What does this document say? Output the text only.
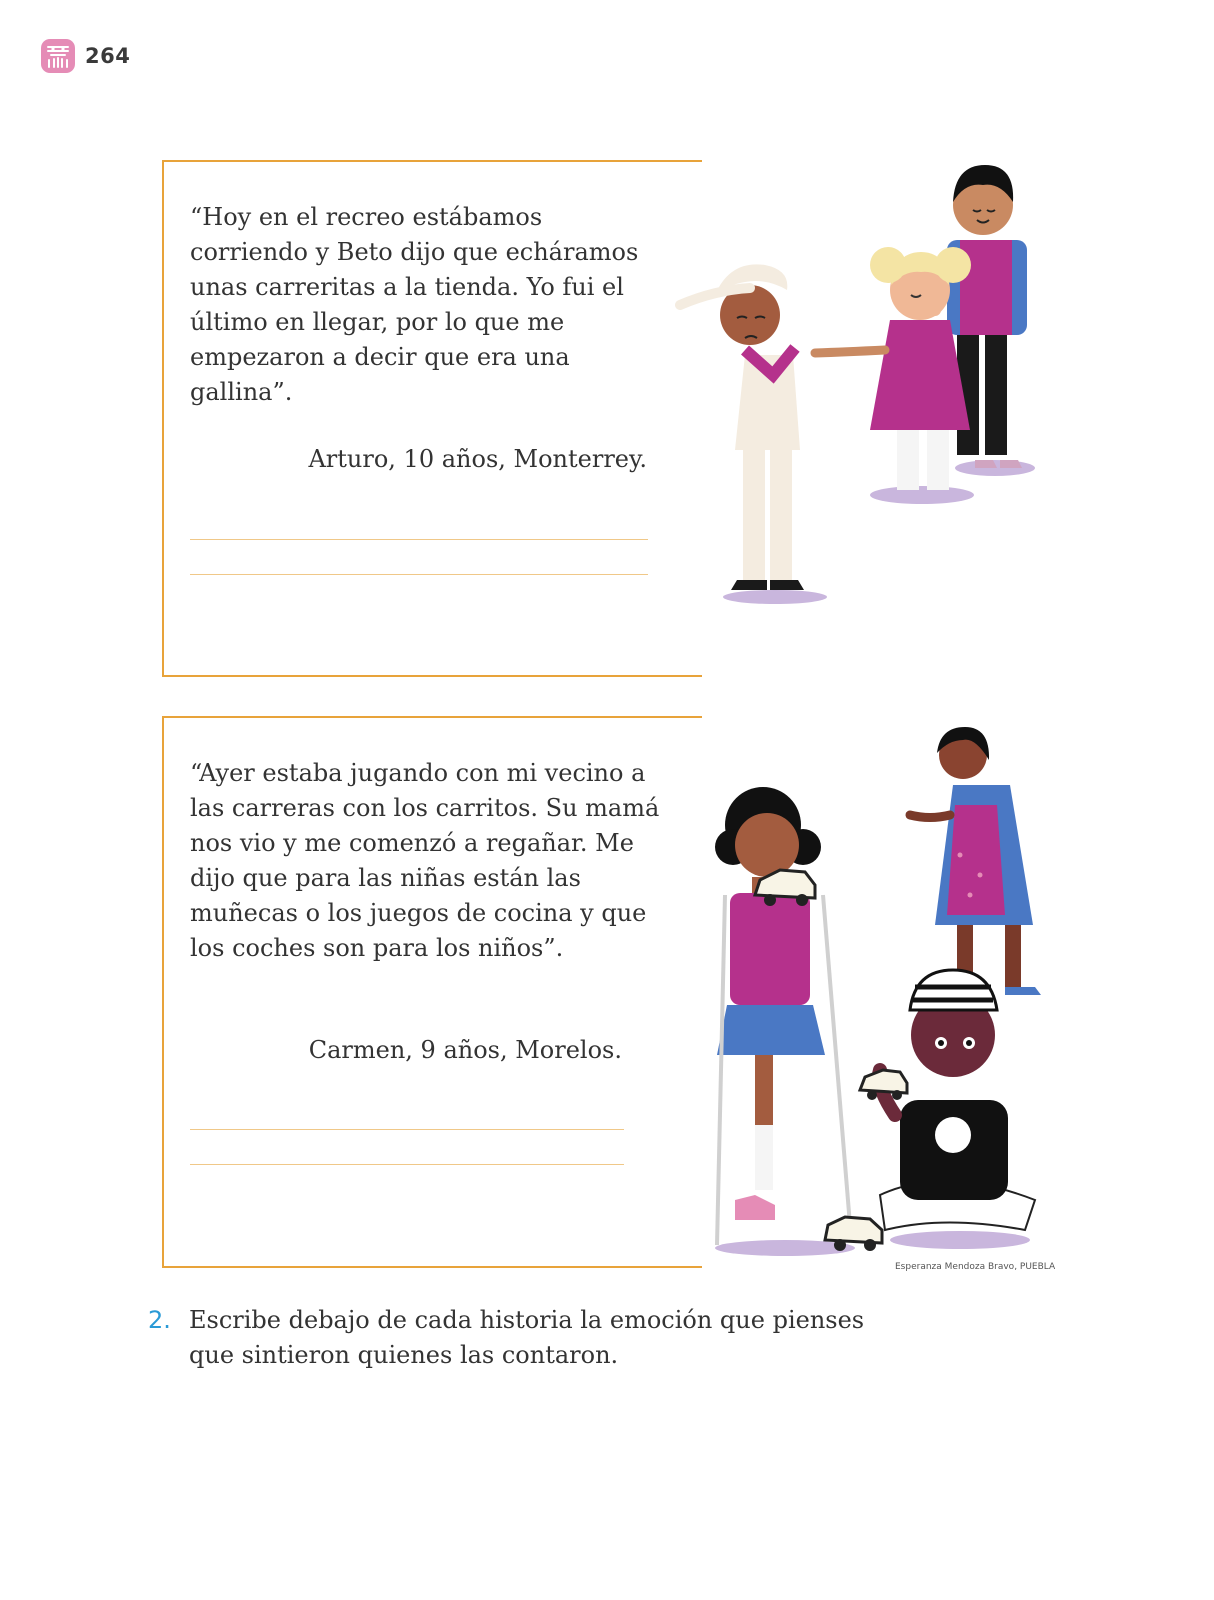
264

“Hoy en el recreo estábamos corriendo y Beto dijo que echáramos unas carreritas a la tienda. Yo fui el último en llegar, por lo que me empezaron a decir que era una gallina”.

Arturo, 10 años, Monterrey.

“Ayer estaba jugando con mi vecino a las carreras con los carritos. Su mamá nos vio y me comenzó a regañar. Me dijo que para las niñas están las muñecas o los juegos de cocina y que los coches son para los niños”.

Carmen, 9 años, Morelos.

Esperanza Mendoza Bravo, PUEBLA
2. Escribe debajo de cada historia la emoción que pienses que sintieron quienes las contaron.
